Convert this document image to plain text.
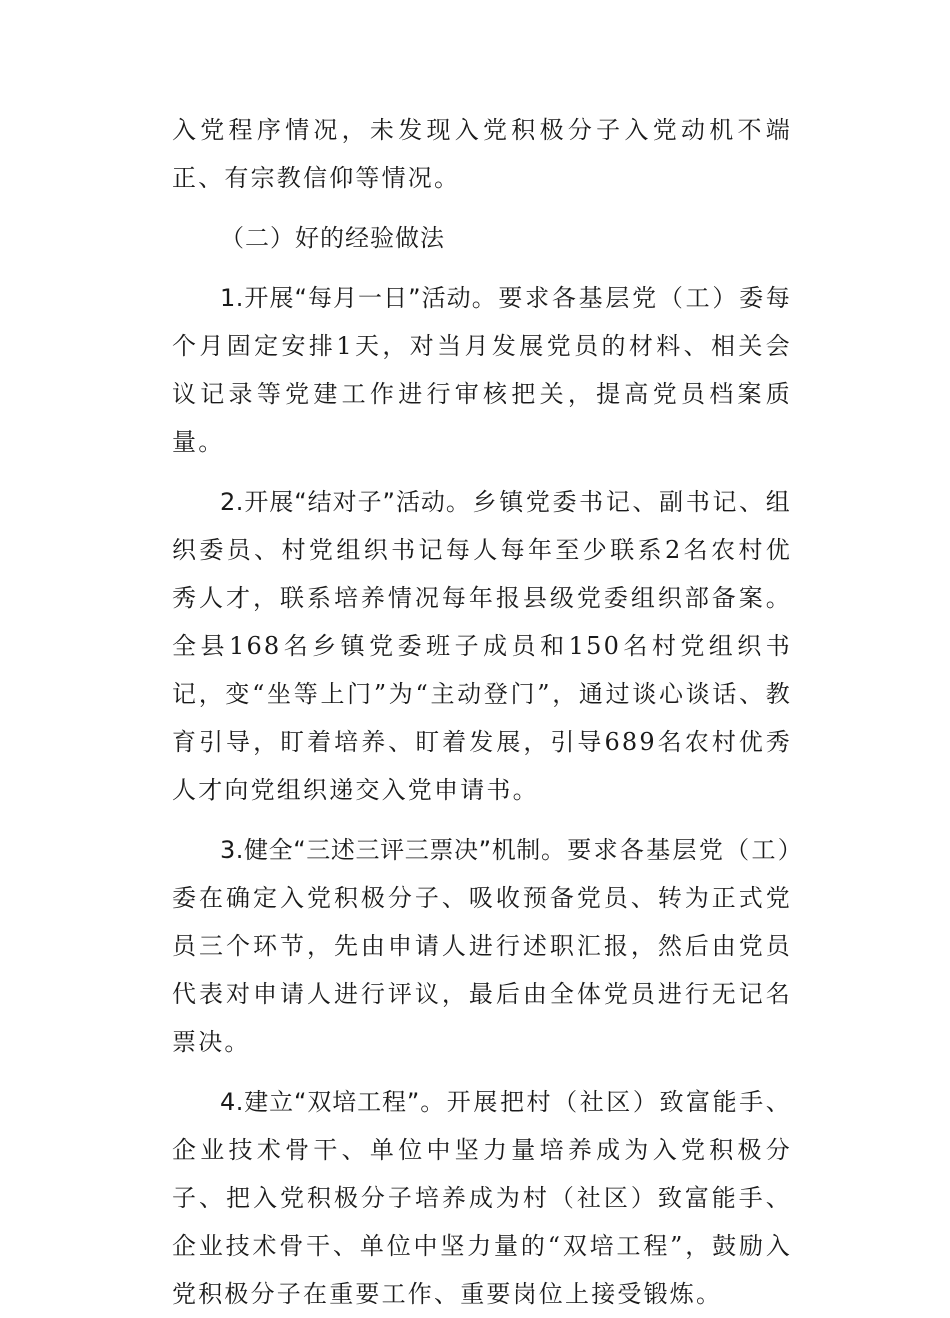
入党程序情况，未发现入党积极分子入党动机不端正、有宗教信仰等情况。

（二）好的经验做法

1.开展“每月一日”活动。要求各基层党（工）委每个月固定安排1天，对当月发展党员的材料、相关会议记录等党建工作进行审核把关，提高党员档案质量。

2.开展“结对子”活动。乡镇党委书记、副书记、组织委员、村党组织书记每人每年至少联系2名农村优秀人才，联系培养情况每年报县级党委组织部备案。全县168名乡镇党委班子成员和150名村党组织书记，变“坐等上门”为“主动登门”，通过谈心谈话、教育引导，盯着培养、盯着发展，引导689名农村优秀人才向党组织递交入党申请书。

3.健全“三述三评三票决”机制。要求各基层党（工）委在确定入党积极分子、吸收预备党员、转为正式党员三个环节，先由申请人进行述职汇报，然后由党员代表对申请人进行评议，最后由全体党员进行无记名票决。

4.建立“双培工程”。开展把村（社区）致富能手、企业技术骨干、单位中坚力量培养成为入党积极分子、把入党积极分子培养成为村（社区）致富能手、企业技术骨干、单位中坚力量的“双培工程”，鼓励入党积极分子在重要工作、重要岗位上接受锻炼。
